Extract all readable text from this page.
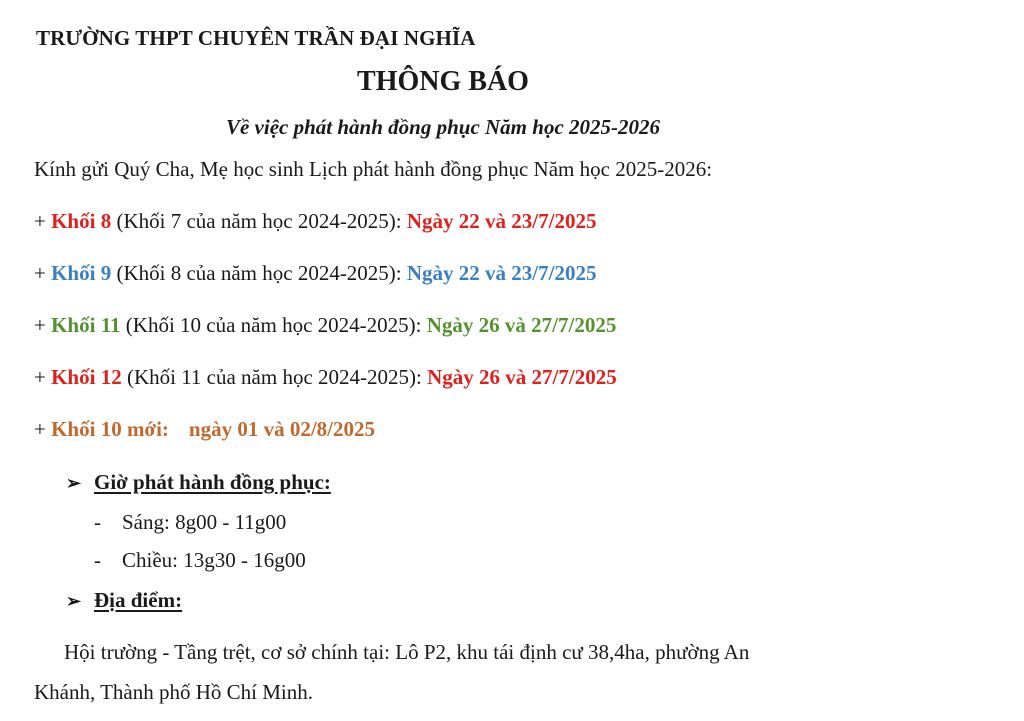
TRƯỜNG THPT CHUYÊN TRẦN ĐẠI NGHĨA
THÔNG BÁO
Về việc phát hành đồng phục Năm học 2025-2026
Kính gửi Quý Cha, Mẹ học sinh Lịch phát hành đồng phục Năm học 2025-2026:
+ Khối 8 (Khối 7 của năm học 2024-2025): Ngày 22 và 23/7/2025
+ Khối 9 (Khối 8 của năm học 2024-2025): Ngày 22 và 23/7/2025
+ Khối 11 (Khối 10 của năm học 2024-2025): Ngày 26 và 27/7/2025
+ Khối 12 (Khối 11 của năm học 2024-2025): Ngày 26 và 27/7/2025
+ Khối 10 mới: ngày 01 và 02/8/2025
➢ Giờ phát hành đồng phục:
- Sáng: 8g00 - 11g00
- Chiều: 13g30 - 16g00
➢ Địa điểm:
Hội trường - Tầng trệt, cơ sở chính tại: Lô P2, khu tái định cư 38,4ha, phường An
Khánh, Thành phố Hồ Chí Minh.
